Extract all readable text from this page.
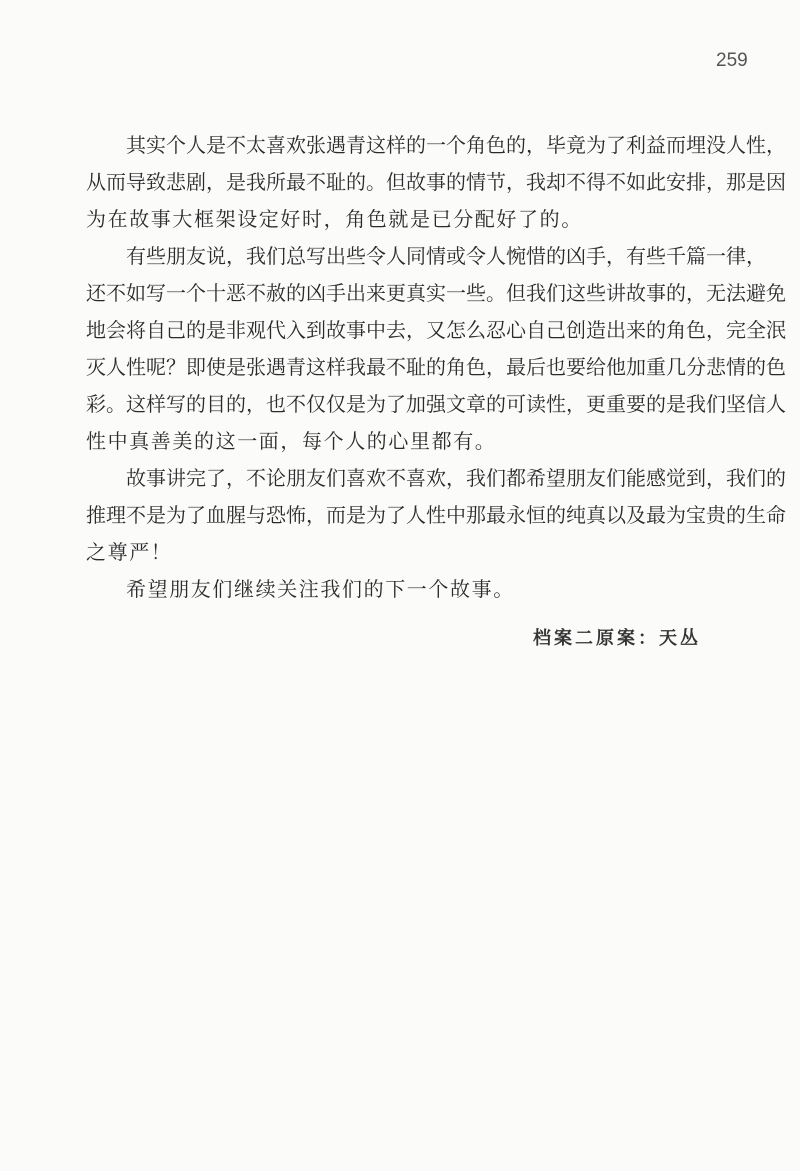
259
其实个人是不太喜欢张遇青这样的一个角色的，毕竟为了利益而埋没人性，
从而导致悲剧，是我所最不耻的。但故事的情节，我却不得不如此安排，那是因
为在故事大框架设定好时，角色就是已分配好了的。
有些朋友说，我们总写出些令人同情或令人惋惜的凶手，有些千篇一律，
还不如写一个十恶不赦的凶手出来更真实一些。但我们这些讲故事的，无法避免
地会将自己的是非观代入到故事中去，又怎么忍心自己创造出来的角色，完全泯
灭人性呢？即使是张遇青这样我最不耻的角色，最后也要给他加重几分悲情的色
彩。这样写的目的，也不仅仅是为了加强文章的可读性，更重要的是我们坚信人
性中真善美的这一面，每个人的心里都有。
故事讲完了，不论朋友们喜欢不喜欢，我们都希望朋友们能感觉到，我们的
推理不是为了血腥与恐怖，而是为了人性中那最永恒的纯真以及最为宝贵的生命
之尊严！
希望朋友们继续关注我们的下一个故事。
档案二原案：天丛
